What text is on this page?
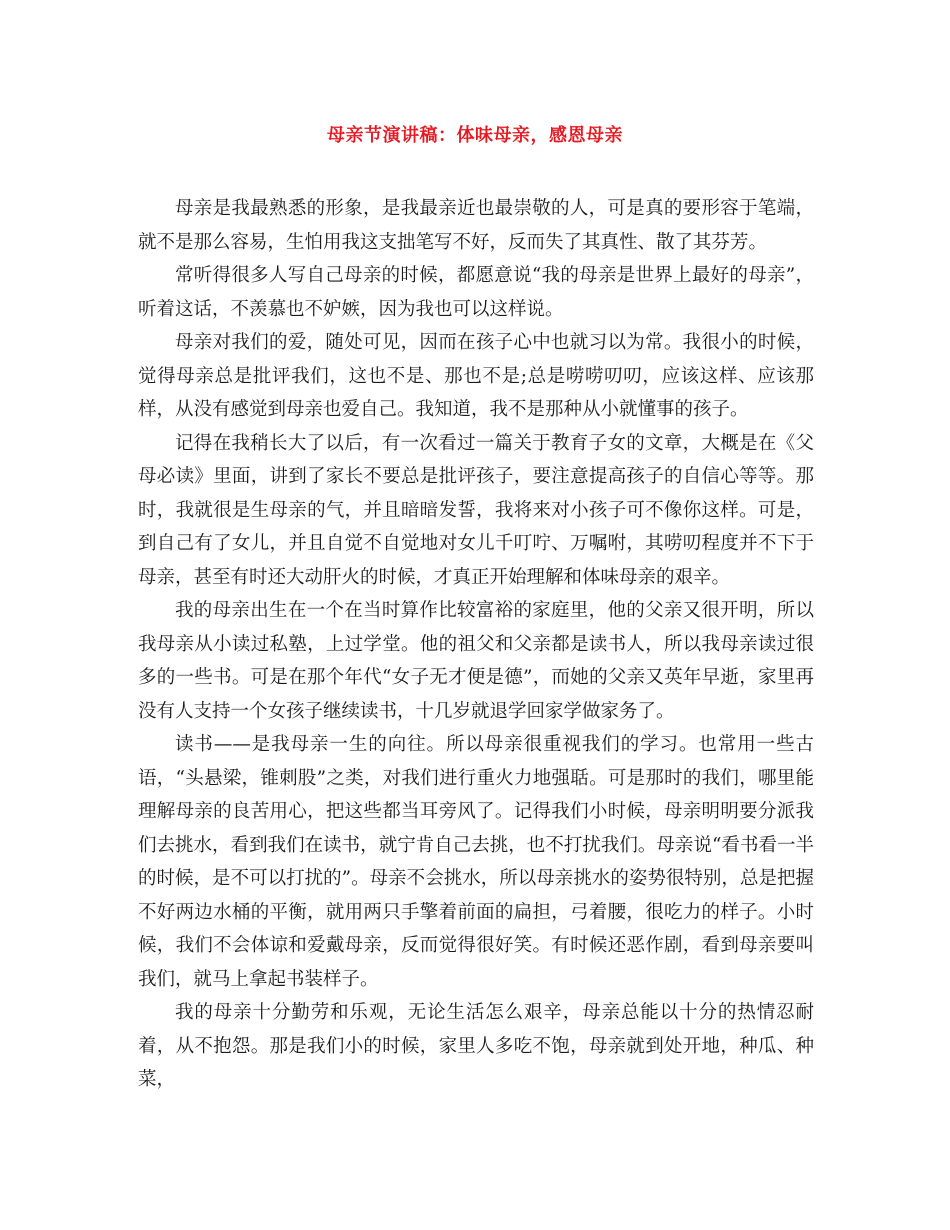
母亲节演讲稿：体味母亲，感恩母亲

母亲是我最熟悉的形象，是我最亲近也最崇敬的人，可是真的要形容于笔端，就不是那么容易，生怕用我这支拙笔写不好，反而失了其真性、散了其芬芳。

常听得很多人写自己母亲的时候，都愿意说“我的母亲是世界上最好的母亲”，听着这话，不羡慕也不妒嫉，因为我也可以这样说。

母亲对我们的爱，随处可见，因而在孩子心中也就习以为常。我很小的时候，觉得母亲总是批评我们，这也不是、那也不是;总是唠唠叨叨，应该这样、应该那样，从没有感觉到母亲也爱自己。我知道，我不是那种从小就懂事的孩子。

记得在我稍长大了以后，有一次看过一篇关于教育子女的文章，大概是在《父母必读》里面，讲到了家长不要总是批评孩子，要注意提高孩子的自信心等等。那时，我就很是生母亲的气，并且暗暗发誓，我将来对小孩子可不像你这样。可是，到自己有了女儿，并且自觉不自觉地对女儿千叮咛、万嘱咐，其唠叨程度并不下于母亲，甚至有时还大动肝火的时候，才真正开始理解和体味母亲的艰辛。

我的母亲出生在一个在当时算作比较富裕的家庭里，他的父亲又很开明，所以我母亲从小读过私塾，上过学堂。他的祖父和父亲都是读书人，所以我母亲读过很多的一些书。可是在那个年代“女子无才便是德”，而她的父亲又英年早逝，家里再没有人支持一个女孩子继续读书，十几岁就退学回家学做家务了。

读书——是我母亲一生的向往。所以母亲很重视我们的学习。也常用一些古语，“头悬梁，锥刺股”之类，对我们进行重火力地强聒。可是那时的我们，哪里能理解母亲的良苦用心，把这些都当耳旁风了。记得我们小时候，母亲明明要分派我们去挑水，看到我们在读书，就宁肯自己去挑，也不打扰我们。母亲说“看书看一半的时候，是不可以打扰的”。母亲不会挑水，所以母亲挑水的姿势很特别，总是把握不好两边水桶的平衡，就用两只手擎着前面的扁担，弓着腰，很吃力的样子。小时候，我们不会体谅和爱戴母亲，反而觉得很好笑。有时候还恶作剧，看到母亲要叫我们，就马上拿起书装样子。

我的母亲十分勤劳和乐观，无论生活怎么艰辛，母亲总能以十分的热情忍耐着，从不抱怨。那是我们小的时候，家里人多吃不饱，母亲就到处开地，种瓜、种菜，
